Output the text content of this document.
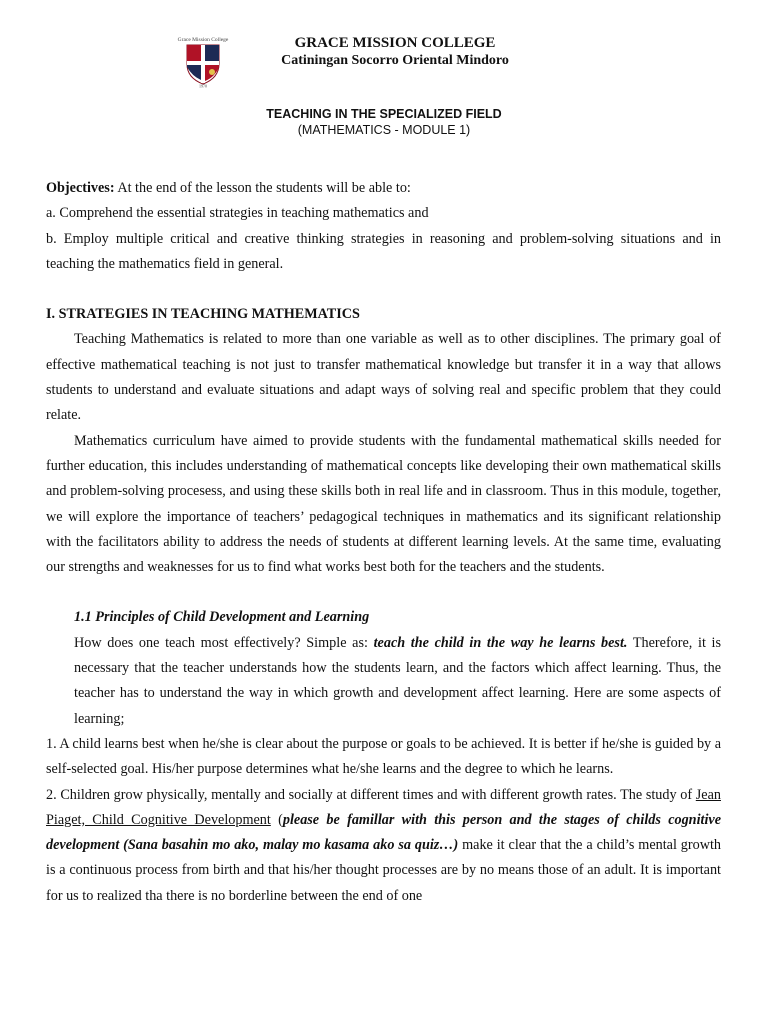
Grace Mission College
1970
GRACE MISSION COLLEGE
Catiningan Socorro Oriental Mindoro
TEACHING IN THE SPECIALIZED FIELD
(MATHEMATICS - MODULE 1)

Objectives: At the end of the lesson the students will be able to:

a. Comprehend the essential strategies in teaching mathematics and

b. Employ multiple critical and creative thinking strategies in reasoning and problem-solving situations and in teaching the mathematics field in general.

I. STRATEGIES IN TEACHING MATHEMATICS

Teaching Mathematics is related to more than one variable as well as to other disciplines. The primary goal of effective mathematical teaching is not just to transfer mathematical knowledge but transfer it in a way that allows students to understand and evaluate situations and adapt ways of solving real and specific problem that they could relate.

Mathematics curriculum have aimed to provide students with the fundamental mathematical skills needed for further education, this includes understanding of mathematical concepts like developing their own mathematical skills and problem-solving procesess, and using these skills both in real life and in classroom. Thus in this module, together, we will explore the importance of teachers’ pedagogical techniques in mathematics and its significant relationship with the facilitators ability to address the needs of students at different learning levels. At the same time, evaluating our strengths and weaknesses for us to find what works best both for the teachers and the students.

1.1 Principles of Child Development and Learning

How does one teach most effectively? Simple as: teach the child in the way he learns best. Therefore, it is necessary that the teacher understands how the students learn, and the factors which affect learning. Thus, the teacher has to understand the way in which growth and development affect learning. Here are some aspects of learning;

1. A child learns best when he/she is clear about the purpose or goals to be achieved. It is better if he/she is guided by a self-selected goal. His/her purpose determines what he/she learns and the degree to which he learns.

2. Children grow physically, mentally and socially at different times and with different growth rates. The study of Jean Piaget, Child Cognitive Development (please be famillar with this person and the stages of childs cognitive development (Sana basahin mo ako, malay mo kasama ako sa quiz…) make it clear that the a child’s mental growth is a continuous process from birth and that his/her thought processes are by no means those of an adult. It is important for us to realized tha there is no borderline between the end of one
